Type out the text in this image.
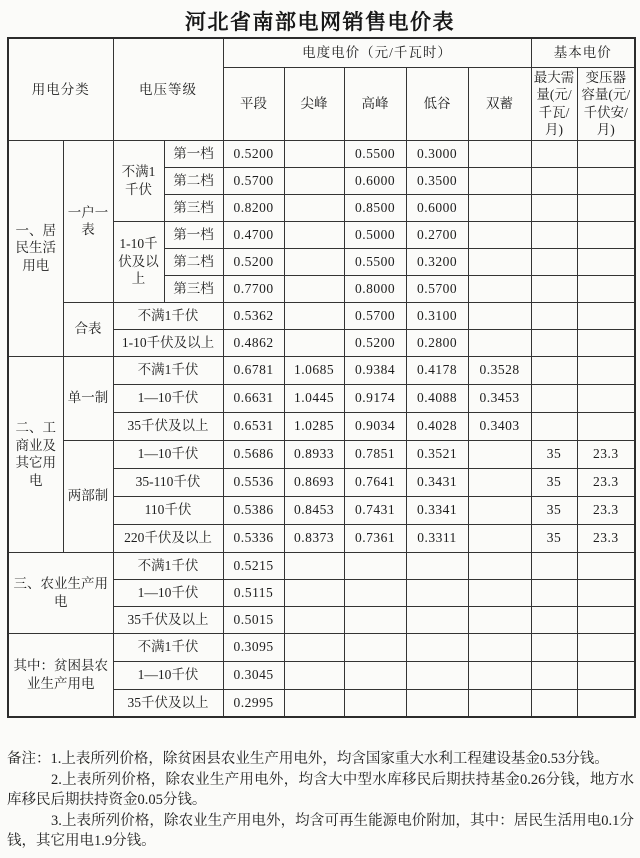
河北省南部电网销售电价表
用电分类		电压等级		电度电价（元/千瓦时）					基本电价	
				平段	尖峰	高峰	低谷	双蓄	最大需量(元/千瓦/月)	变压器容量(元/千伏安/月)
一、居民生活用电	一户一表	不满1千伏	第一档	0.5200		0.5500	0.3000			
			第二档	0.5700		0.6000	0.3500			
			第三档	0.8200		0.8500	0.6000			
		1-10千伏及以上	第一档	0.4700		0.5000	0.2700			
			第二档	0.5200		0.5500	0.3200			
			第三档	0.7700		0.8000	0.5700			
	合表	不满1千伏		0.5362		0.5700	0.3100			
		1-10千伏及以上		0.4862		0.5200	0.2800			
二、工商业及其它用电	单一制	不满1千伏		0.6781	1.0685	0.9384	0.4178	0.3528		
		1—10千伏		0.6631	1.0445	0.9174	0.4088	0.3453		
		35千伏及以上		0.6531	1.0285	0.9034	0.4028	0.3403		
	两部制	1—10千伏		0.5686	0.8933	0.7851	0.3521		35	23.3
		35-110千伏		0.5536	0.8693	0.7641	0.3431		35	23.3
		110千伏		0.5386	0.8453	0.7431	0.3341		35	23.3
		220千伏及以上		0.5336	0.8373	0.7361	0.3311		35	23.3
三、农业生产用电		不满1千伏		0.5215						
		1—10千伏		0.5115						
		35千伏及以上		0.5015						
其中：贫困县农业生产用电		不满1千伏		0.3095						
		1—10千伏		0.3045						
		35千伏及以上		0.2995						

备注：1.上表所列价格，除贫困县农业生产用电外，均含国家重大水利工程建设基金0.53分钱。

2.上表所列价格，除农业生产用电外，均含大中型水库移民后期扶持基金0.26分钱，地方水库移民后期扶持资金0.05分钱。

3.上表所列价格，除农业生产用电外，均含可再生能源电价附加，其中：居民生活用电0.1分钱，其它用电1.9分钱。
